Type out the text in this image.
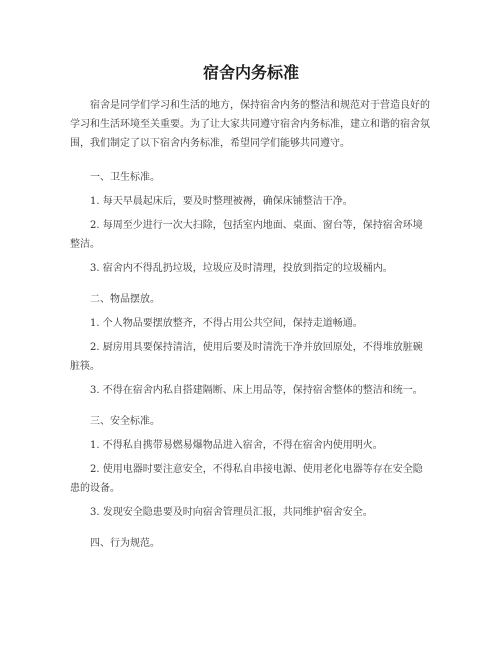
宿舍内务标准

宿舍是同学们学习和生活的地方，保持宿舍内务的整洁和规范对于营造良好的学习和生活环境至关重要。为了让大家共同遵守宿舍内务标准，建立和谐的宿舍氛围，我们制定了以下宿舍内务标准，希望同学们能够共同遵守。

一、卫生标准。

1. 每天早晨起床后，要及时整理被褥，确保床铺整洁干净。

2. 每周至少进行一次大扫除，包括室内地面、桌面、窗台等，保持宿舍环境整洁。

3. 宿舍内不得乱扔垃圾，垃圾应及时清理，投放到指定的垃圾桶内。

二、物品摆放。

1. 个人物品要摆放整齐，不得占用公共空间，保持走道畅通。

2. 厨房用具要保持清洁，使用后要及时清洗干净并放回原处，不得堆放脏碗脏筷。

3. 不得在宿舍内私自搭建隔断、床上用品等，保持宿舍整体的整洁和统一。

三、安全标准。

1. 不得私自携带易燃易爆物品进入宿舍，不得在宿舍内使用明火。

2. 使用电器时要注意安全，不得私自串接电源、使用老化电器等存在安全隐患的设备。

3. 发现安全隐患要及时向宿舍管理员汇报，共同维护宿舍安全。

四、行为规范。
